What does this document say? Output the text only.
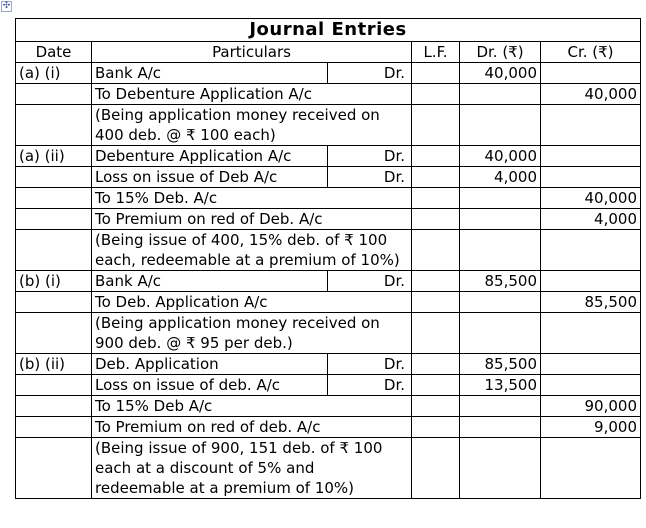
✣
Journal Entries					
Date	Particulars		L.F.	Dr. (₹)	Cr. (₹)
(a) (i)	Bank A/c	Dr.		40,000	
	To Debenture Application A/c				40,000
	(Being application money received on 400 deb. @ ₹ 100 each)				
(a) (ii)	Debenture Application A/c	Dr.		40,000	
	Loss on issue of Deb A/c	Dr.		4,000	
	To 15% Deb. A/c				40,000
	To Premium on red of Deb. A/c				4,000
	(Being issue of 400, 15% deb. of ₹ 100 each, redeemable at a premium of 10%)				
(b) (i)	Bank A/c	Dr.		85,500	
	To Deb. Application A/c				85,500
	(Being application money received on 900 deb. @ ₹ 95 per deb.)				
(b) (ii)	Deb. Application	Dr.		85,500	
	Loss on issue of deb. A/c	Dr.		13,500	
	To 15% Deb A/c				90,000
	To Premium on red of deb. A/c				9,000
	(Being issue of 900, 151 deb. of ₹ 100 each at a discount of 5% and redeemable at a premium of 10%)				
